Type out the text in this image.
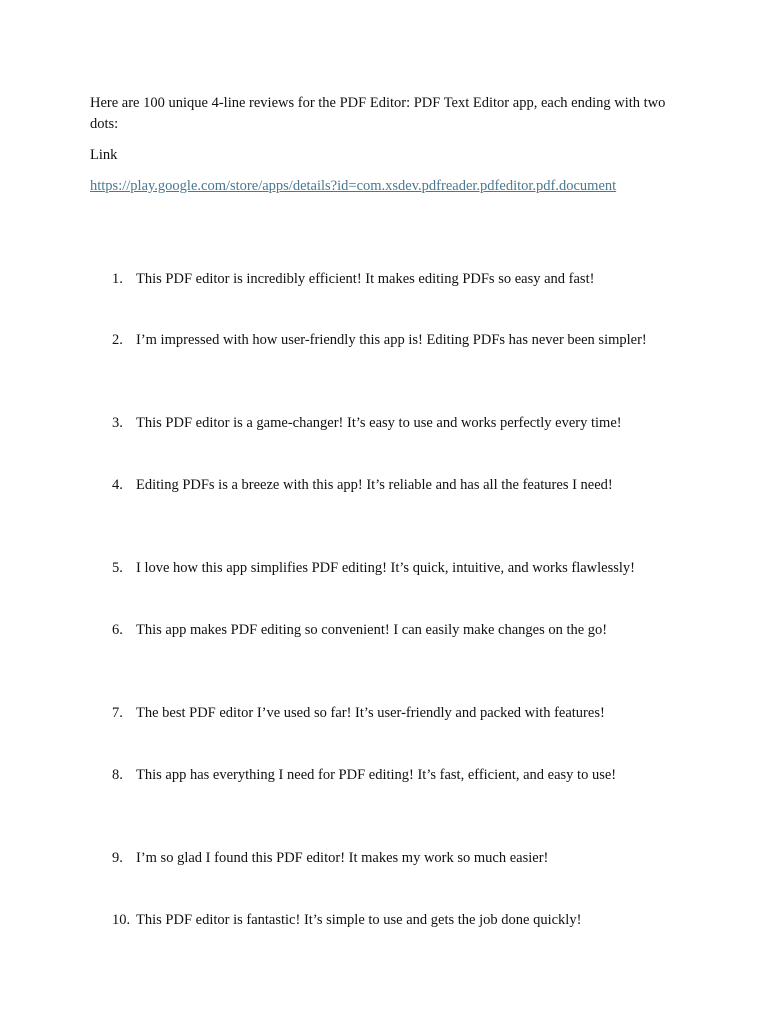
Here are 100 unique 4-line reviews for the PDF Editor: PDF Text Editor app, each ending with two dots:

Link

https://play.google.com/store/apps/details?id=com.xsdev.pdfreader.pdfeditor.pdf.document
1. This PDF editor is incredibly efficient! It makes editing PDFs so easy and fast!
2. I’m impressed with how user-friendly this app is! Editing PDFs has never been simpler!
3. This PDF editor is a game-changer! It’s easy to use and works perfectly every time!
4. Editing PDFs is a breeze with this app! It’s reliable and has all the features I need!
5. I love how this app simplifies PDF editing! It’s quick, intuitive, and works flawlessly!
6. This app makes PDF editing so convenient! I can easily make changes on the go!
7. The best PDF editor I’ve used so far! It’s user-friendly and packed with features!
8. This app has everything I need for PDF editing! It’s fast, efficient, and easy to use!
9. I’m so glad I found this PDF editor! It makes my work so much easier!
10. This PDF editor is fantastic! It’s simple to use and gets the job done quickly!
